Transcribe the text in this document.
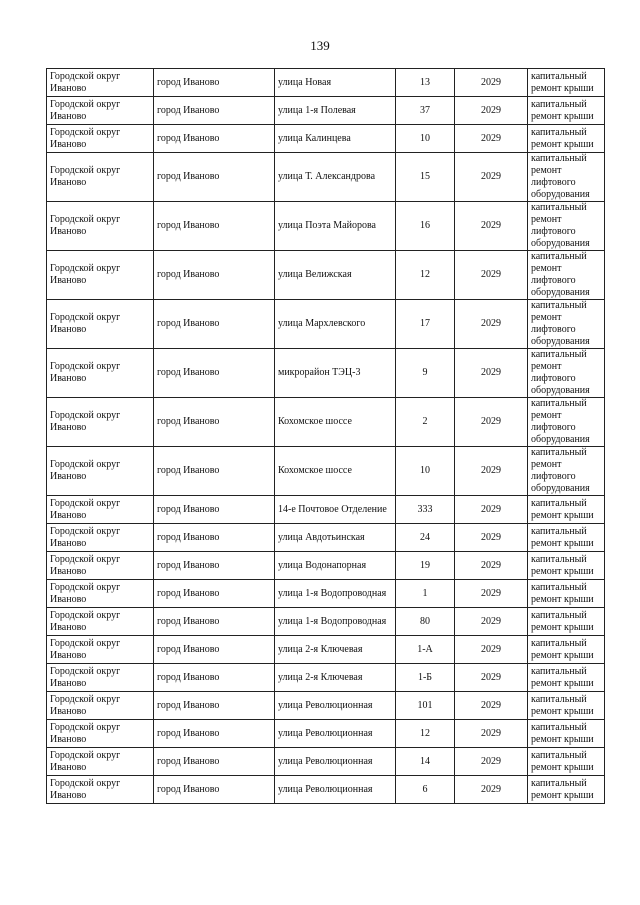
139
Городской округ Иваново	город Иваново	улица Новая	13	2029	капитальный ремонт крыши
Городской округ Иваново	город Иваново	улица 1-я Полевая	37	2029	капитальный ремонт крыши
Городской округ Иваново	город Иваново	улица Калинцева	10	2029	капитальный ремонт крыши
Городской округ Иваново	город Иваново	улица Т. Александрова	15	2029	капитальный ремонт лифтового оборудования
Городской округ Иваново	город Иваново	улица Поэта Майорова	16	2029	капитальный ремонт лифтового оборудования
Городской округ Иваново	город Иваново	улица Велижская	12	2029	капитальный ремонт лифтового оборудования
Городской округ Иваново	город Иваново	улица Мархлевского	17	2029	капитальный ремонт лифтового оборудования
Городской округ Иваново	город Иваново	микрорайон ТЭЦ-3	9	2029	капитальный ремонт лифтового оборудования
Городской округ Иваново	город Иваново	Кохомское шоссе	2	2029	капитальный ремонт лифтового оборудования
Городской округ Иваново	город Иваново	Кохомское шоссе	10	2029	капитальный ремонт лифтового оборудования
Городской округ Иваново	город Иваново	14-е Почтовое Отделение	333	2029	капитальный ремонт крыши
Городской округ Иваново	город Иваново	улица Авдотьинская	24	2029	капитальный ремонт крыши
Городской округ Иваново	город Иваново	улица Водонапорная	19	2029	капитальный ремонт крыши
Городской округ Иваново	город Иваново	улица 1-я Водопроводная	1	2029	капитальный ремонт крыши
Городской округ Иваново	город Иваново	улица 1-я Водопроводная	80	2029	капитальный ремонт крыши
Городской округ Иваново	город Иваново	улица 2-я Ключевая	1-А	2029	капитальный ремонт крыши
Городской округ Иваново	город Иваново	улица 2-я Ключевая	1-Б	2029	капитальный ремонт крыши
Городской округ Иваново	город Иваново	улица Революционная	101	2029	капитальный ремонт крыши
Городской округ Иваново	город Иваново	улица Революционная	12	2029	капитальный ремонт крыши
Городской округ Иваново	город Иваново	улица Революционная	14	2029	капитальный ремонт крыши
Городской округ Иваново	город Иваново	улица Революционная	6	2029	капитальный ремонт крыши
